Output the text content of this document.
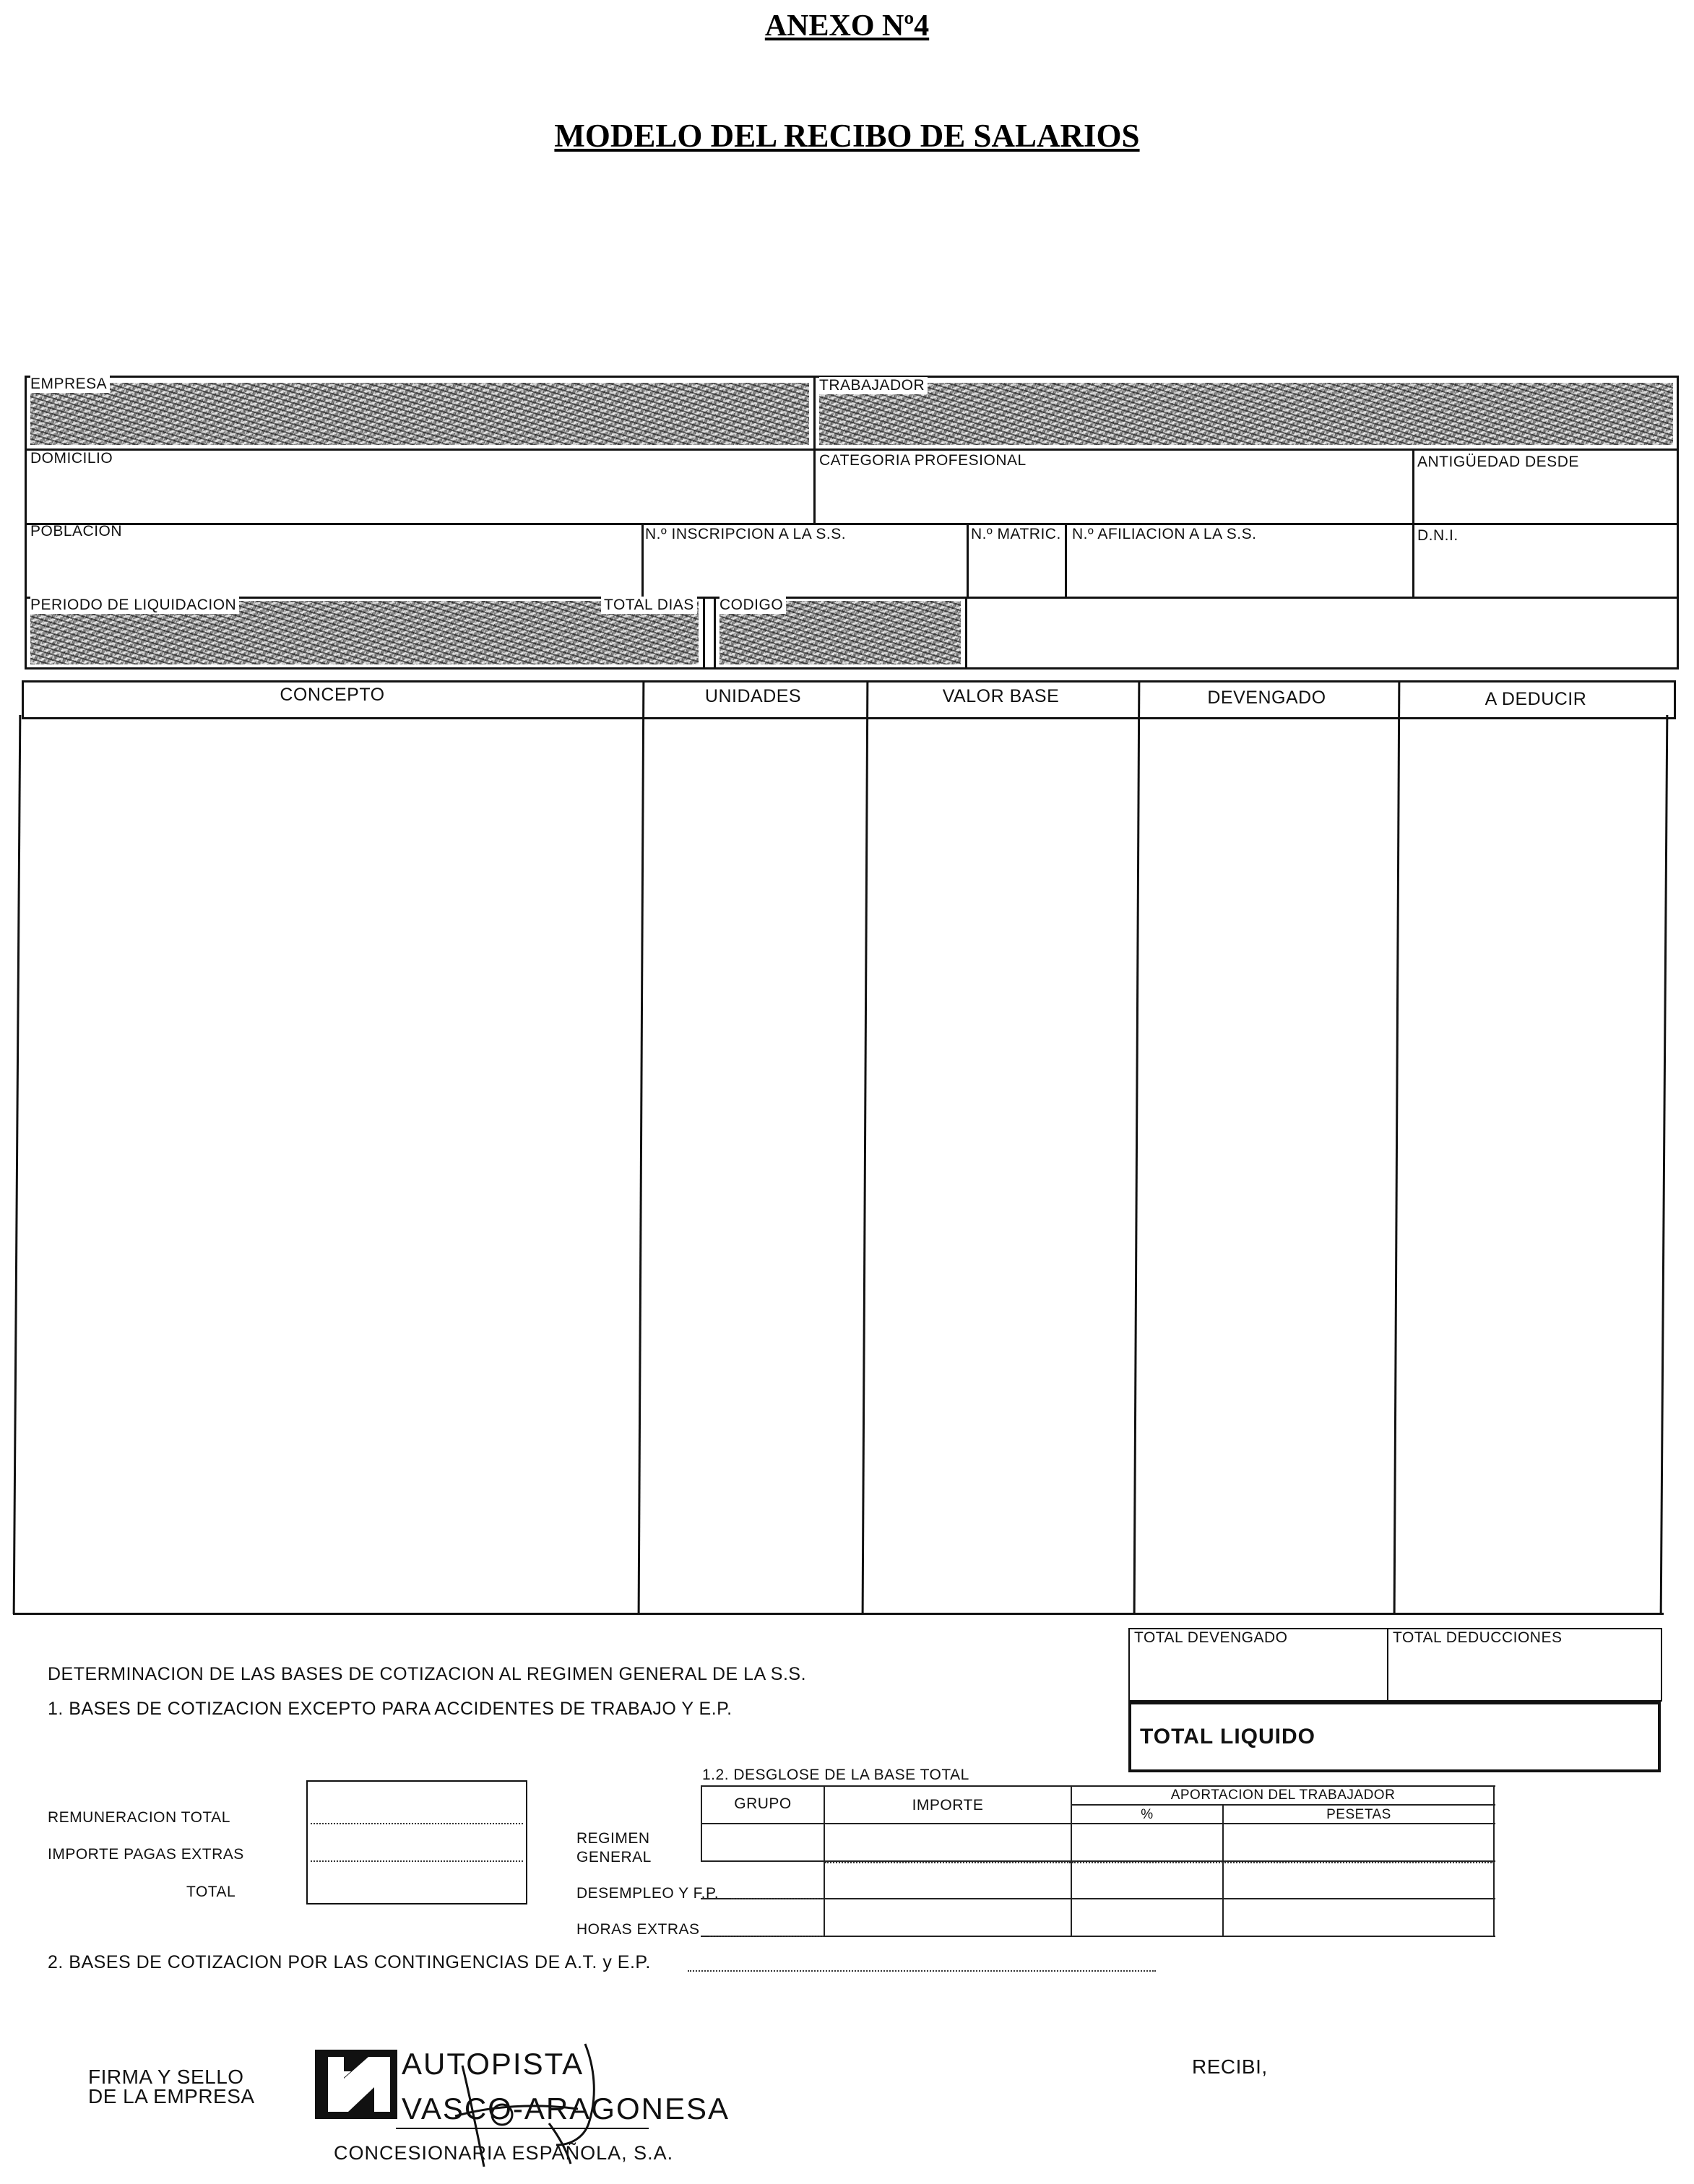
ANEXO Nº4
MODELO DEL RECIBO DE SALARIOS
EMPRESA	TRABAJADOR
DOMICILIO	CATEGORIA PROFESIONAL	ANTIGÜEDAD DESDE
POBLACION	N.º INSCRIPCION A LA S.S.	N.º MATRIC. N.º AFILIACION A LA S.S.	D.N.I.
PERIODO DE LIQUIDACION	TOTAL DIAS CODIGO
CONCEPTO	UNIDADES	VALOR BASE	DEVENGADO	A DEDUCIR
TOTAL DEVENGADO	TOTAL DEDUCCIONES
TOTAL LIQUIDO
DETERMINACION DE LAS BASES DE COTIZACION AL REGIMEN GENERAL DE LA S.S.
1. BASES DE COTIZACION EXCEPTO PARA ACCIDENTES DE TRABAJO Y E.P.
REMUNERACION TOTAL
IMPORTE PAGAS EXTRAS
TOTAL
1.2. DESGLOSE DE LA BASE TOTAL
GRUPO	IMPORTE
APORTACION DEL TRABAJADOR
%	PESETAS
REGIMEN
GENERAL
DESEMPLEO Y F.P.
HORAS EXTRAS
2. BASES DE COTIZACION POR LAS CONTINGENCIAS DE A.T. y E.P.
FIRMA Y SELLO
DE LA EMPRESA
AUTOPISTA
VASCO-ARAGONESA
CONCESIONARIA ESPAÑOLA, S.A.
RECIBI,
